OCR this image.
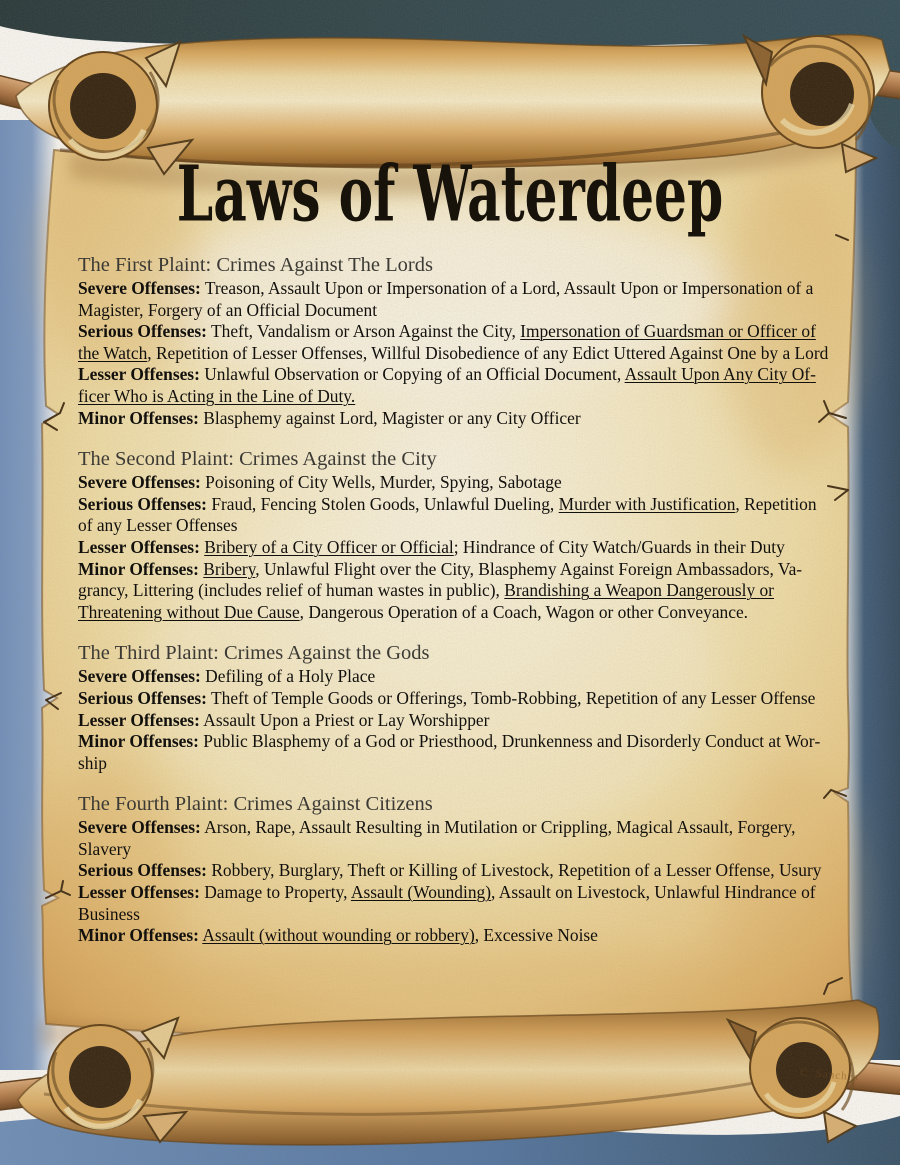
Laws of Waterdeep
The First Plaint: Crimes Against The Lords

Severe Offenses: Treason, Assault Upon or Impersonation of a Lord, Assault Upon or Impersonation of a Magister, Forgery of an Official Document

Serious Offenses: Theft, Vandalism or Arson Against the City, Impersonation of Guardsman or Officer of the Watch, Repetition of Lesser Offenses, Willful Disobedience of any Edict Uttered Against One by a Lord

Lesser Offenses: Unlawful Observation or Copying of an Official Document, Assault Upon Any City Officer Who is Acting in the Line of Duty.

Minor Offenses: Blasphemy against Lord, Magister or any City Officer

The Second Plaint: Crimes Against the City

Severe Offenses: Poisoning of City Wells, Murder, Spying, Sabotage

Serious Offenses: Fraud, Fencing Stolen Goods, Unlawful Dueling, Murder with Justification, Repetition of any Lesser Offenses

Lesser Offenses: Bribery of a City Officer or Official; Hindrance of City Watch/Guards in their Duty

Minor Offenses: Bribery, Unlawful Flight over the City, Blasphemy Against Foreign Ambassadors, Vagrancy, Littering (includes relief of human wastes in public), Brandishing a Weapon Dangerously or Threatening without Due Cause, Dangerous Operation of a Coach, Wagon or other Conveyance.

The Third Plaint: Crimes Against the Gods

Severe Offenses: Defiling of a Holy Place

Serious Offenses: Theft of Temple Goods or Offerings, Tomb-Robbing, Repetition of any Lesser Offense

Lesser Offenses: Assault Upon a Priest or Lay Worshipper

Minor Offenses: Public Blasphemy of a God or Priesthood, Drunkenness and Disorderly Conduct at Worship

The Fourth Plaint: Crimes Against Citizens

Severe Offenses: Arson, Rape, Assault Resulting in Mutilation or Crippling, Magical Assault, Forgery, Slavery

Serious Offenses: Robbery, Burglary, Theft or Killing of Livestock, Repetition of a Lesser Offense, Usury

Lesser Offenses: Damage to Property, Assault (Wounding), Assault on Livestock, Unlawful Hindrance of Business

Minor Offenses: Assault (without wounding or robbery), Excessive Noise

C. Sanches
